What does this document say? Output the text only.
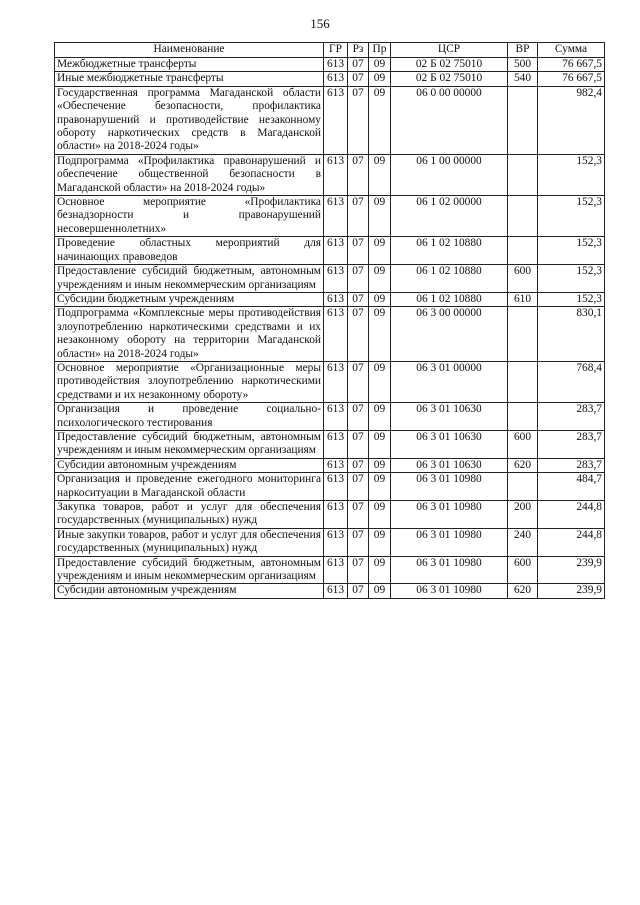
156
Наименование	ГР	Рз	Пр	ЦСР	ВР	Сумма
Межбюджетные трансферты	613	07	09	02 Б 02 75010	500	76 667,5
Иные межбюджетные трансферты	613	07	09	02 Б 02 75010	540	76 667,5
Государственная программа Магаданской области «Обеспечение безопасности, профилактика правонарушений и противодействие незаконному обороту наркотических средств в Магаданской области» на 2018-2024 годы»	613	07	09	06 0 00 00000		982,4
Подпрограмма «Профилактика правонарушений и обеспечение общественной безопасности в Магаданской области» на 2018-2024 годы»	613	07	09	06 1 00 00000		152,3
Основное мероприятие «Профилактика безнадзорности и правонарушений несовершеннолетних»	613	07	09	06 1 02 00000		152,3
Проведение областных мероприятий для начинающих правоведов	613	07	09	06 1 02 10880		152,3
Предоставление субсидий бюджетным, автономным учреждениям и иным некоммерческим организациям	613	07	09	06 1 02 10880	600	152,3
Субсидии бюджетным учреждениям	613	07	09	06 1 02 10880	610	152,3
Подпрограмма «Комплексные меры противодействия злоупотреблению наркотическими средствами и их незаконному обороту на территории Магаданской области» на 2018-2024 годы»	613	07	09	06 3 00 00000		830,1
Основное мероприятие «Организационные меры противодействия злоупотреблению наркотическими средствами и их незаконному обороту»	613	07	09	06 3 01 00000		768,4
Организация и проведение социально-психологического тестирования	613	07	09	06 3 01 10630		283,7
Предоставление субсидий бюджетным, автономным учреждениям и иным некоммерческим организациям	613	07	09	06 3 01 10630	600	283,7
Субсидии автономным учреждениям	613	07	09	06 3 01 10630	620	283,7
Организация и проведение ежегодного мониторинга наркоситуации в Магаданской области	613	07	09	06 3 01 10980		484,7
Закупка товаров, работ и услуг для обеспечения государственных (муниципальных) нужд	613	07	09	06 3 01 10980	200	244,8
Иные закупки товаров, работ и услуг для обеспечения государственных (муниципальных) нужд	613	07	09	06 3 01 10980	240	244,8
Предоставление субсидий бюджетным, автономным учреждениям и иным некоммерческим организациям	613	07	09	06 3 01 10980	600	239,9
Субсидии автономным учреждениям	613	07	09	06 3 01 10980	620	239,9
